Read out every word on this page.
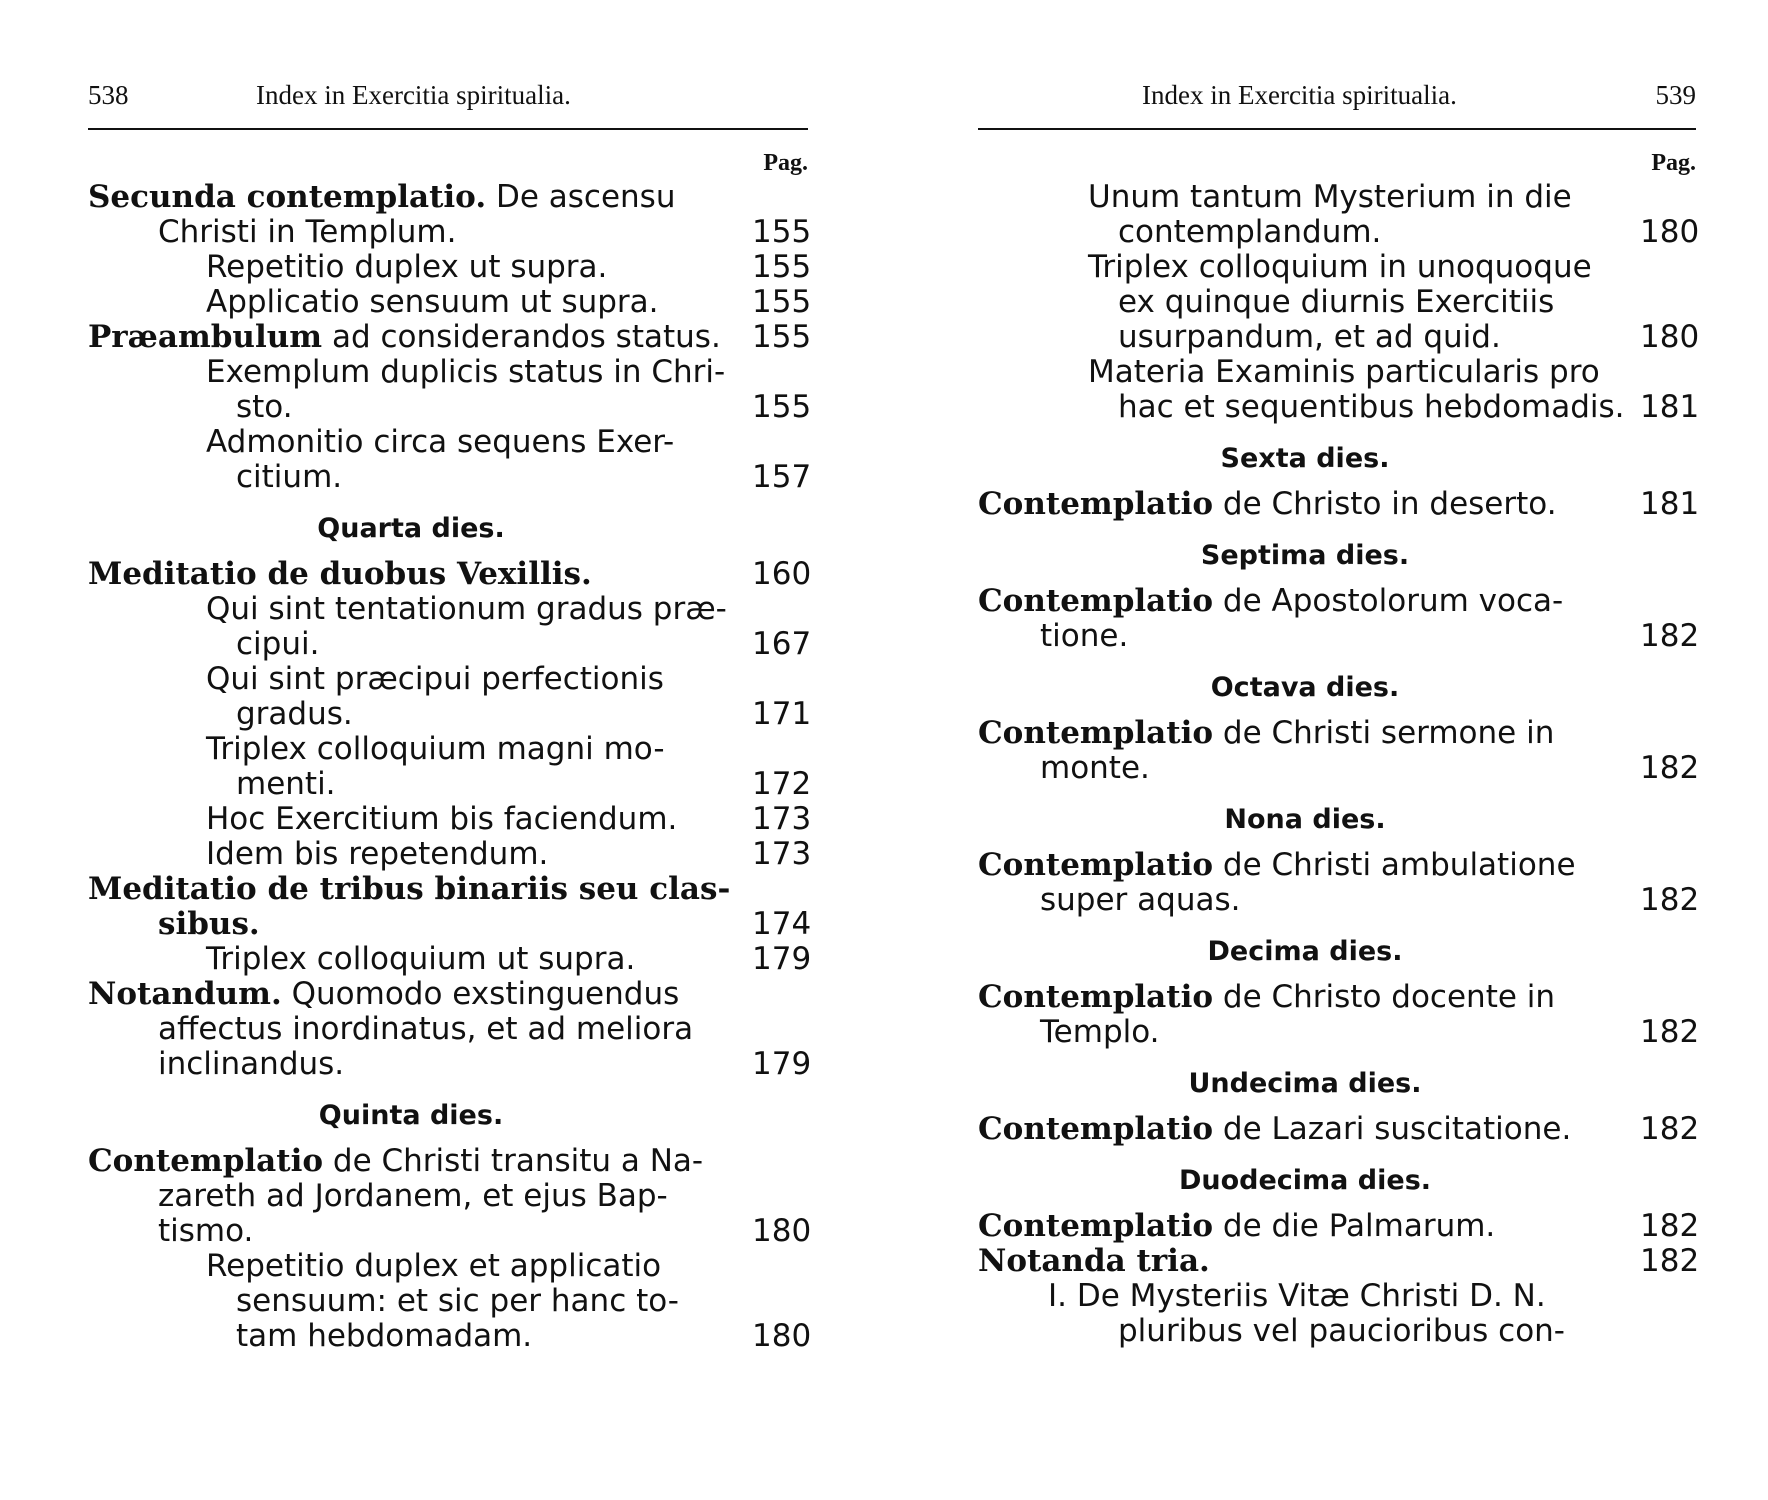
538	Index in Exercitia spiritualia.
Pag.
Secunda contemplatio. De ascensu
Christi in Templum.	155
Repetitio duplex ut supra.	155
Applicatio sensuum ut supra.	155
Præambulum ad considerandos status. 155
Exemplum duplicis status in Chri-
sto.	155
Admonitio circa sequens Exer-
citium.	157
Quarta dies.
Meditatio de duobus Vexillis.	160
Qui sint tentationum gradus præ-
cipui.	167
Qui sint præcipui perfectionis
gradus.	171
Triplex colloquium magni mo-
menti.	172
Hoc Exercitium bis faciendum. 173
Idem bis repetendum.	173
Meditatio de tribus binariis seu clas-
sibus.	174
Triplex colloquium ut supra.	179
Notandum. Quomodo exstinguendus
affectus inordinatus, et ad meliora
inclinandus.	179
Quinta dies.
Contemplatio de Christi transitu a Na-
zareth ad Jordanem, et ejus Bap-
tismo.	180
Repetitio duplex et applicatio
sensuum: et sic per hanc to-
tam hebdomadam.	180
Index in Exercitia spiritualia.	539
Pag.
Unum tantum Mysterium in die
contemplandum.	180
Triplex colloquium in unoquoque
ex quinque diurnis Exercitiis
usurpandum, et ad quid.	180
Materia Examinis particularis pro
hac et sequentibus hebdomadis. 181
Sexta dies.
Contemplatio de Christo in deserto.	181
Septima dies.
Contemplatio de Apostolorum voca-
tione.	182
Octava dies.
Contemplatio de Christi sermone in
monte.	182
Nona dies.
Contemplatio de Christi ambulatione
super aquas.	182
Decima dies.
Contemplatio de Christo docente in
Templo.	182
Undecima dies.
Contemplatio de Lazari suscitatione. 182
Duodecima dies.
Contemplatio de die Palmarum.	182
Notanda tria.	182
I. De Mysteriis Vitæ Christi D. N.
pluribus vel paucioribus con-
